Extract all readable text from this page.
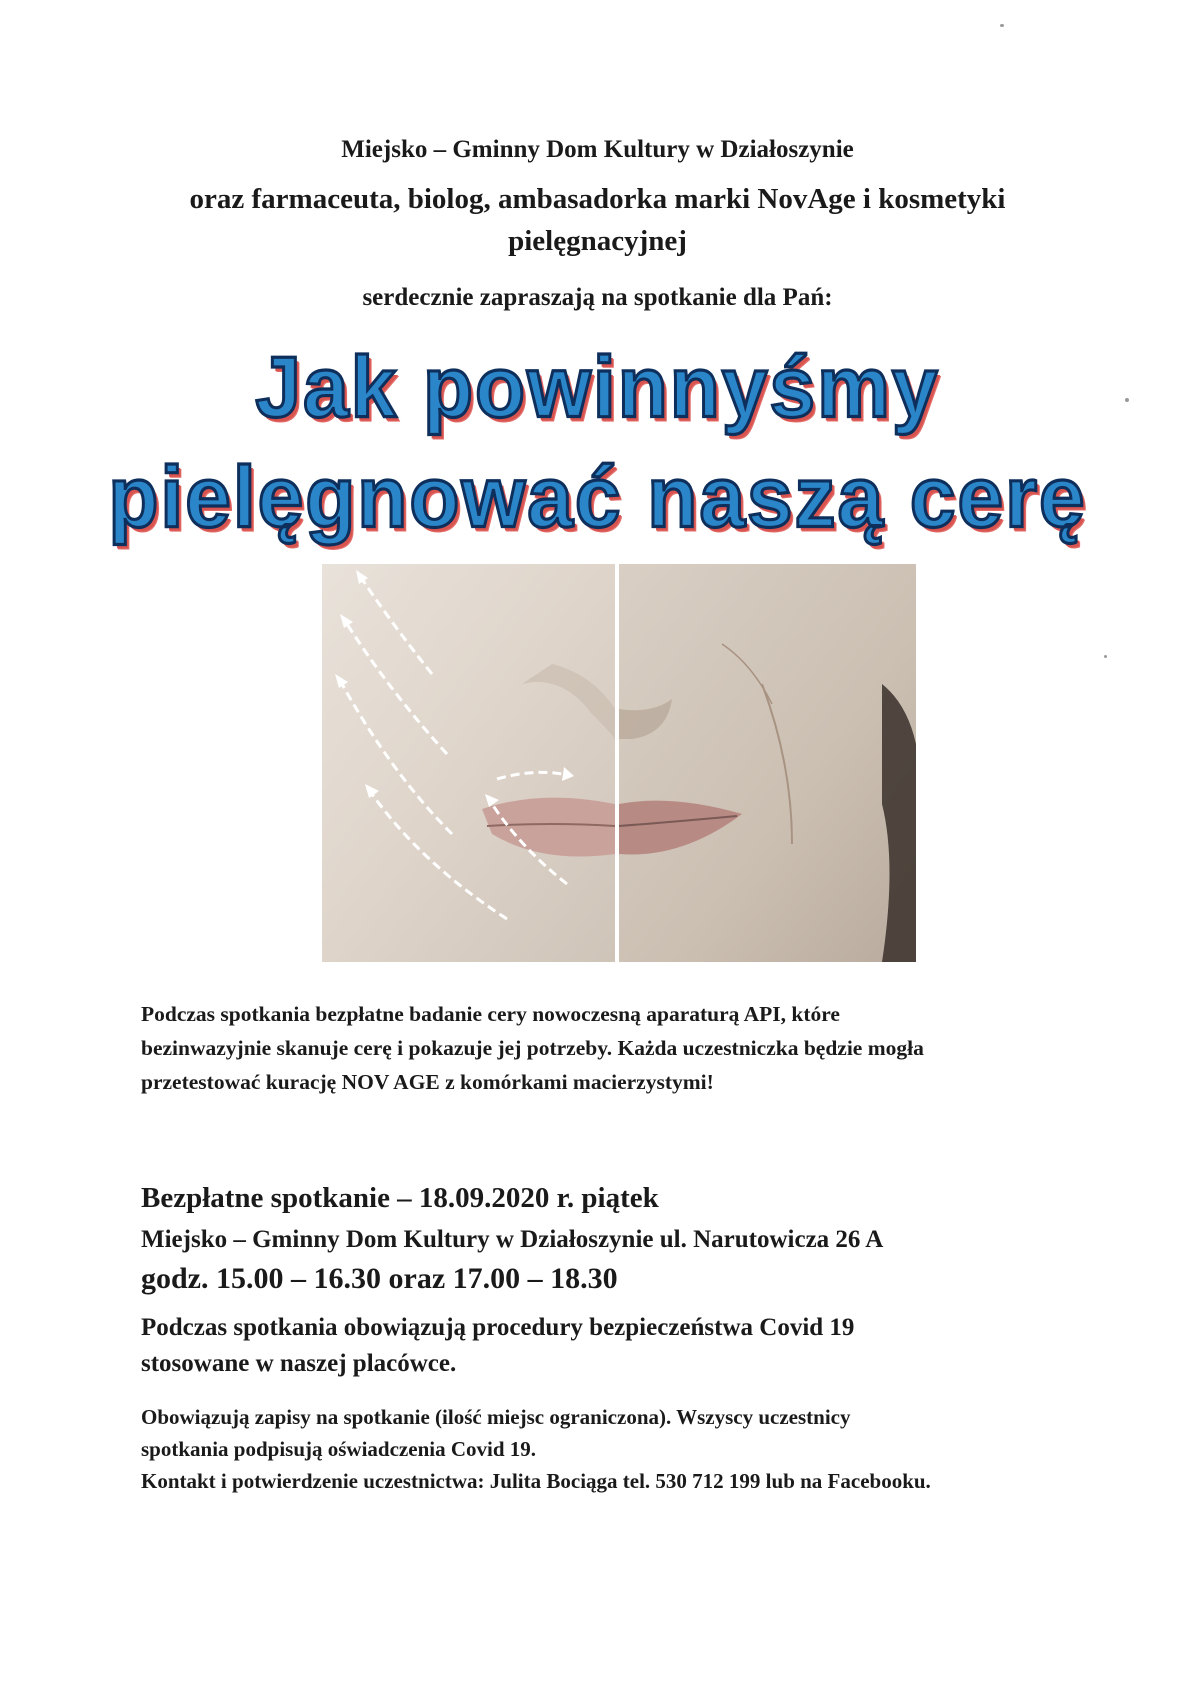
Miejsko – Gminny Dom Kultury w Działoszynie
oraz farmaceuta, biolog, ambasadorka marki NovAge i kosmetyki
pielęgnacyjnej
serdecznie zapraszają na spotkanie dla Pań:
Jak powinnyśmy
pielęgnować naszą cerę
Podczas spotkania bezpłatne badanie cery nowoczesną aparaturą API, które
bezinwazyjnie skanuje cerę i pokazuje jej potrzeby. Każda uczestniczka będzie mogła
przetestować kurację NOV AGE z komórkami macierzystymi!
Bezpłatne spotkanie – 18.09.2020 r. piątek
Miejsko – Gminny Dom Kultury w Działoszynie ul. Narutowicza 26 A
godz. 15.00 – 16.30 oraz 17.00 – 18.30
Podczas spotkania obowiązują procedury bezpieczeństwa Covid 19
stosowane w naszej placówce.
Obowiązują zapisy na spotkanie (ilość miejsc ograniczona). Wszyscy uczestnicy
spotkania podpisują oświadczenia Covid 19.
Kontakt i potwierdzenie uczestnictwa: Julita Bociąga tel. 530 712 199 lub na Facebooku.
